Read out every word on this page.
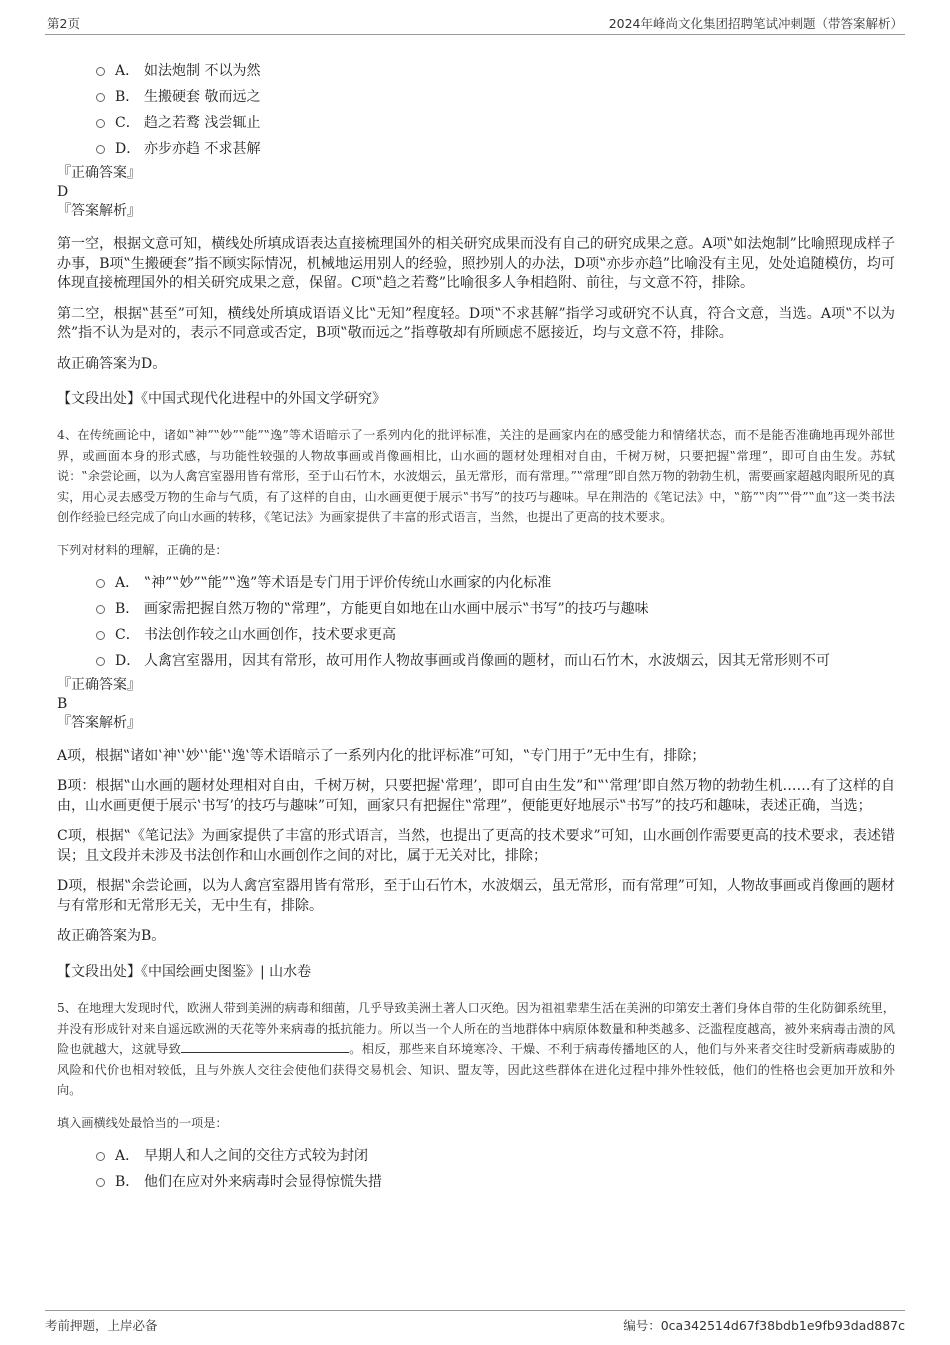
第2页	2024年峰尚文化集团招聘笔试冲刺题（带答案解析）
A． 如法炮制 不以为然
B． 生搬硬套 敬而远之
C． 趋之若鹜 浅尝辄止
D． 亦步亦趋 不求甚解
『正确答案』
D
『答案解析』
第一空，根据文意可知，横线处所填成语表达直接梳理国外的相关研究成果而没有自己的研究成果之意。A项‟如法炮制”比喻照现成样子办事，B项‟生搬硬套”指不顾实际情况，机械地运用别人的经验，照抄别人的办法，D项‟亦步亦趋”比喻没有主见，处处追随模仿，均可体现直接梳理国外的相关研究成果之意，保留。C项‟趋之若鹜”比喻很多人争相趋附、前往，与文意不符，排除。
第二空，根据‟甚至”可知，横线处所填成语语义比‟无知”程度轻。D项‟不求甚解”指学习或研究不认真，符合文意，当选。A项‟不以为然”指不认为是对的，表示不同意或否定，B项‟敬而远之”指尊敬却有所顾虑不愿接近，均与文意不符，排除。
故正确答案为D。
【文段出处】《中国式现代化进程中的外国文学研究》
4、在传统画论中，诸如‟神”‟妙”‟能”‟逸”等术语暗示了一系列内化的批评标准，关注的是画家内在的感受能力和情绪状态，而不是能否准确地再现外部世界，或画面本身的形式感，与功能性较强的人物故事画或肖像画相比，山水画的题材处理相对自由，千树万树，只要把握‟常理”，即可自由生发。苏轼说：‟余尝论画，以为人禽宫室器用皆有常形，至于山石竹木，水波烟云，虽无常形，而有常理。”‟常理”即自然万物的勃勃生机，需要画家超越肉眼所见的真实，用心灵去感受万物的生命与气质，有了这样的自由，山水画更便于展示‟书写”的技巧与趣味。早在荆浩的《笔记法》中，‟筋”‟肉”‟骨”‟血”这一类书法创作经验已经完成了向山水画的转移，《笔记法》为画家提供了丰富的形式语言，当然，也提出了更高的技术要求。
下列对材料的理解，正确的是：
A． ‟神”‟妙”‟能”‟逸”等术语是专门用于评价传统山水画家的内化标准
B． 画家需把握自然万物的‟常理”，方能更自如地在山水画中展示‟书写”的技巧与趣味
C． 书法创作较之山水画创作，技术要求更高
D． 人禽宫室器用，因其有常形，故可用作人物故事画或肖像画的题材，而山石竹木，水波烟云，因其无常形则不可
『正确答案』
B
『答案解析』
A项，根据‟诸如‛神‛‛妙‛‛能‛‛逸‛等术语暗示了一系列内化的批评标准”可知，‟专门用于”无中生有，排除；
B项：根据‟山水画的题材处理相对自由，千树万树，只要把握‛常理’，即可自由生发”和‟‛常理’即自然万物的勃勃生机……有了这样的自由，山水画更便于展示‛书写’的技巧与趣味”可知，画家只有把握住‟常理”，便能更好地展示‟书写”的技巧和趣味，表述正确，当选；
C项，根据‟《笔记法》为画家提供了丰富的形式语言，当然，也提出了更高的技术要求”可知，山水画创作需要更高的技术要求，表述错误；且文段并未涉及书法创作和山水画创作之间的对比，属于无关对比，排除；
D项，根据‟余尝论画，以为人禽宫室器用皆有常形，至于山石竹木，水波烟云，虽无常形，而有常理”可知，人物故事画或肖像画的题材与有常形和无常形无关，无中生有，排除。
故正确答案为B。
【文段出处】《中国绘画史图鉴》| 山水卷
5、在地理大发现时代，欧洲人带到美洲的病毒和细菌，几乎导致美洲土著人口灭绝。因为祖祖辈辈生活在美洲的印第安土著们身体自带的生化防御系统里，并没有形成针对来自遥远欧洲的天花等外来病毒的抵抗能力。所以当一个人所在的当地群体中病原体数量和种类越多、泛滥程度越高，被外来病毒击溃的风险也就越大，这就导致	。相反，那些来自环境寒冷、干燥、不利于病毒传播地区的人，他们与外来者交往时受新病毒威胁的风险和代价也相对较低，且与外族人交往会使他们获得交易机会、知识、盟友等，因此这些群体在进化过程中排外性较低，他们的性格也会更加开放和外向。
填入画横线处最恰当的一项是：
A． 早期人和人之间的交往方式较为封闭
B． 他们在应对外来病毒时会显得惊慌失措
考前押题，上岸必备	编号：0ca342514d67f38bdb1e9fb93dad887c
